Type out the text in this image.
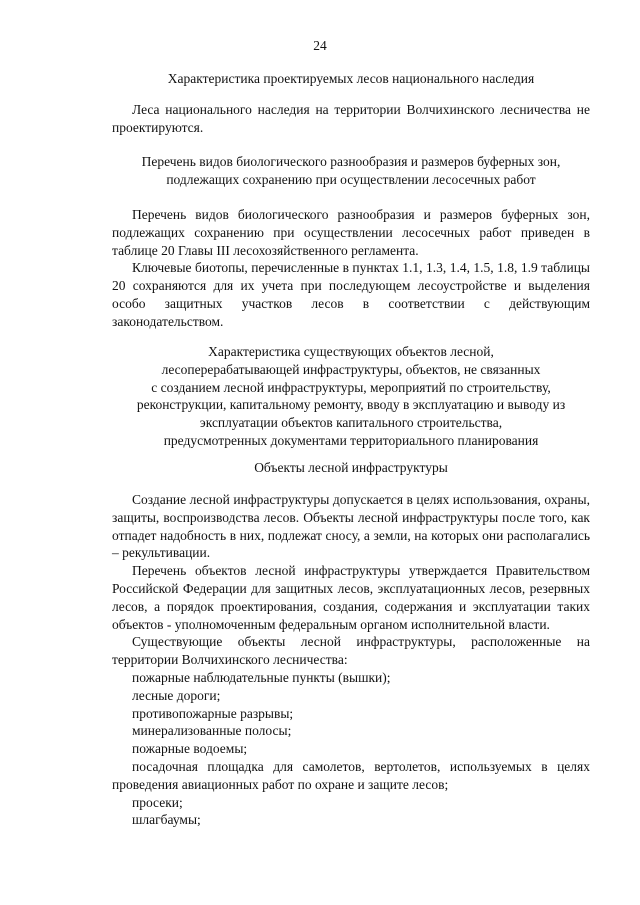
24
Характеристика проектируемых лесов национального наследия

Леса национального наследия на территории Волчихинского лесничества не проектируются.

Перечень видов биологического разнообразия и размеров буферных зон,

подлежащих сохранению при осуществлении лесосечных работ

Перечень видов биологического разнообразия и размеров буферных зон, подлежащих сохранению при осуществлении лесосечных работ приведен в таблице 20 Главы III лесохозяйственного регламента.

Ключевые биотопы, перечисленные в пунктах 1.1, 1.3, 1.4, 1.5, 1.8, 1.9 таблицы 20 сохраняются для их учета при последующем лесоустройстве и выделения особо защитных участков лесов в соответствии с действующим законодательством.

Характеристика существующих объектов лесной,

лесоперерабатывающей инфраструктуры, объектов, не связанных

с созданием лесной инфраструктуры, мероприятий по строительству,

реконструкции, капитальному ремонту, вводу в эксплуатацию и выводу из

эксплуатации объектов капитального строительства,

предусмотренных документами территориального планирования

Объекты лесной инфраструктуры

Создание лесной инфраструктуры допускается в целях использования, охраны, защиты, воспроизводства лесов. Объекты лесной инфраструктуры после того, как отпадет надобность в них, подлежат сносу, а земли, на которых они располагались – рекультивации.

Перечень объектов лесной инфраструктуры утверждается Правительством Российской Федерации для защитных лесов, эксплуатационных лесов, резервных лесов, а порядок проектирования, создания, содержания и эксплуатации таких объектов - уполномоченным федеральным органом исполнительной власти.

Существующие объекты лесной инфраструктуры, расположенные на территории Волчихинского лесничества:

пожарные наблюдательные пункты (вышки);

лесные дороги;

противопожарные разрывы;

минерализованные полосы;

пожарные водоемы;

посадочная площадка для самолетов, вертолетов, используемых в целях проведения авиационных работ по охране и защите лесов;

просеки;

шлагбаумы;
